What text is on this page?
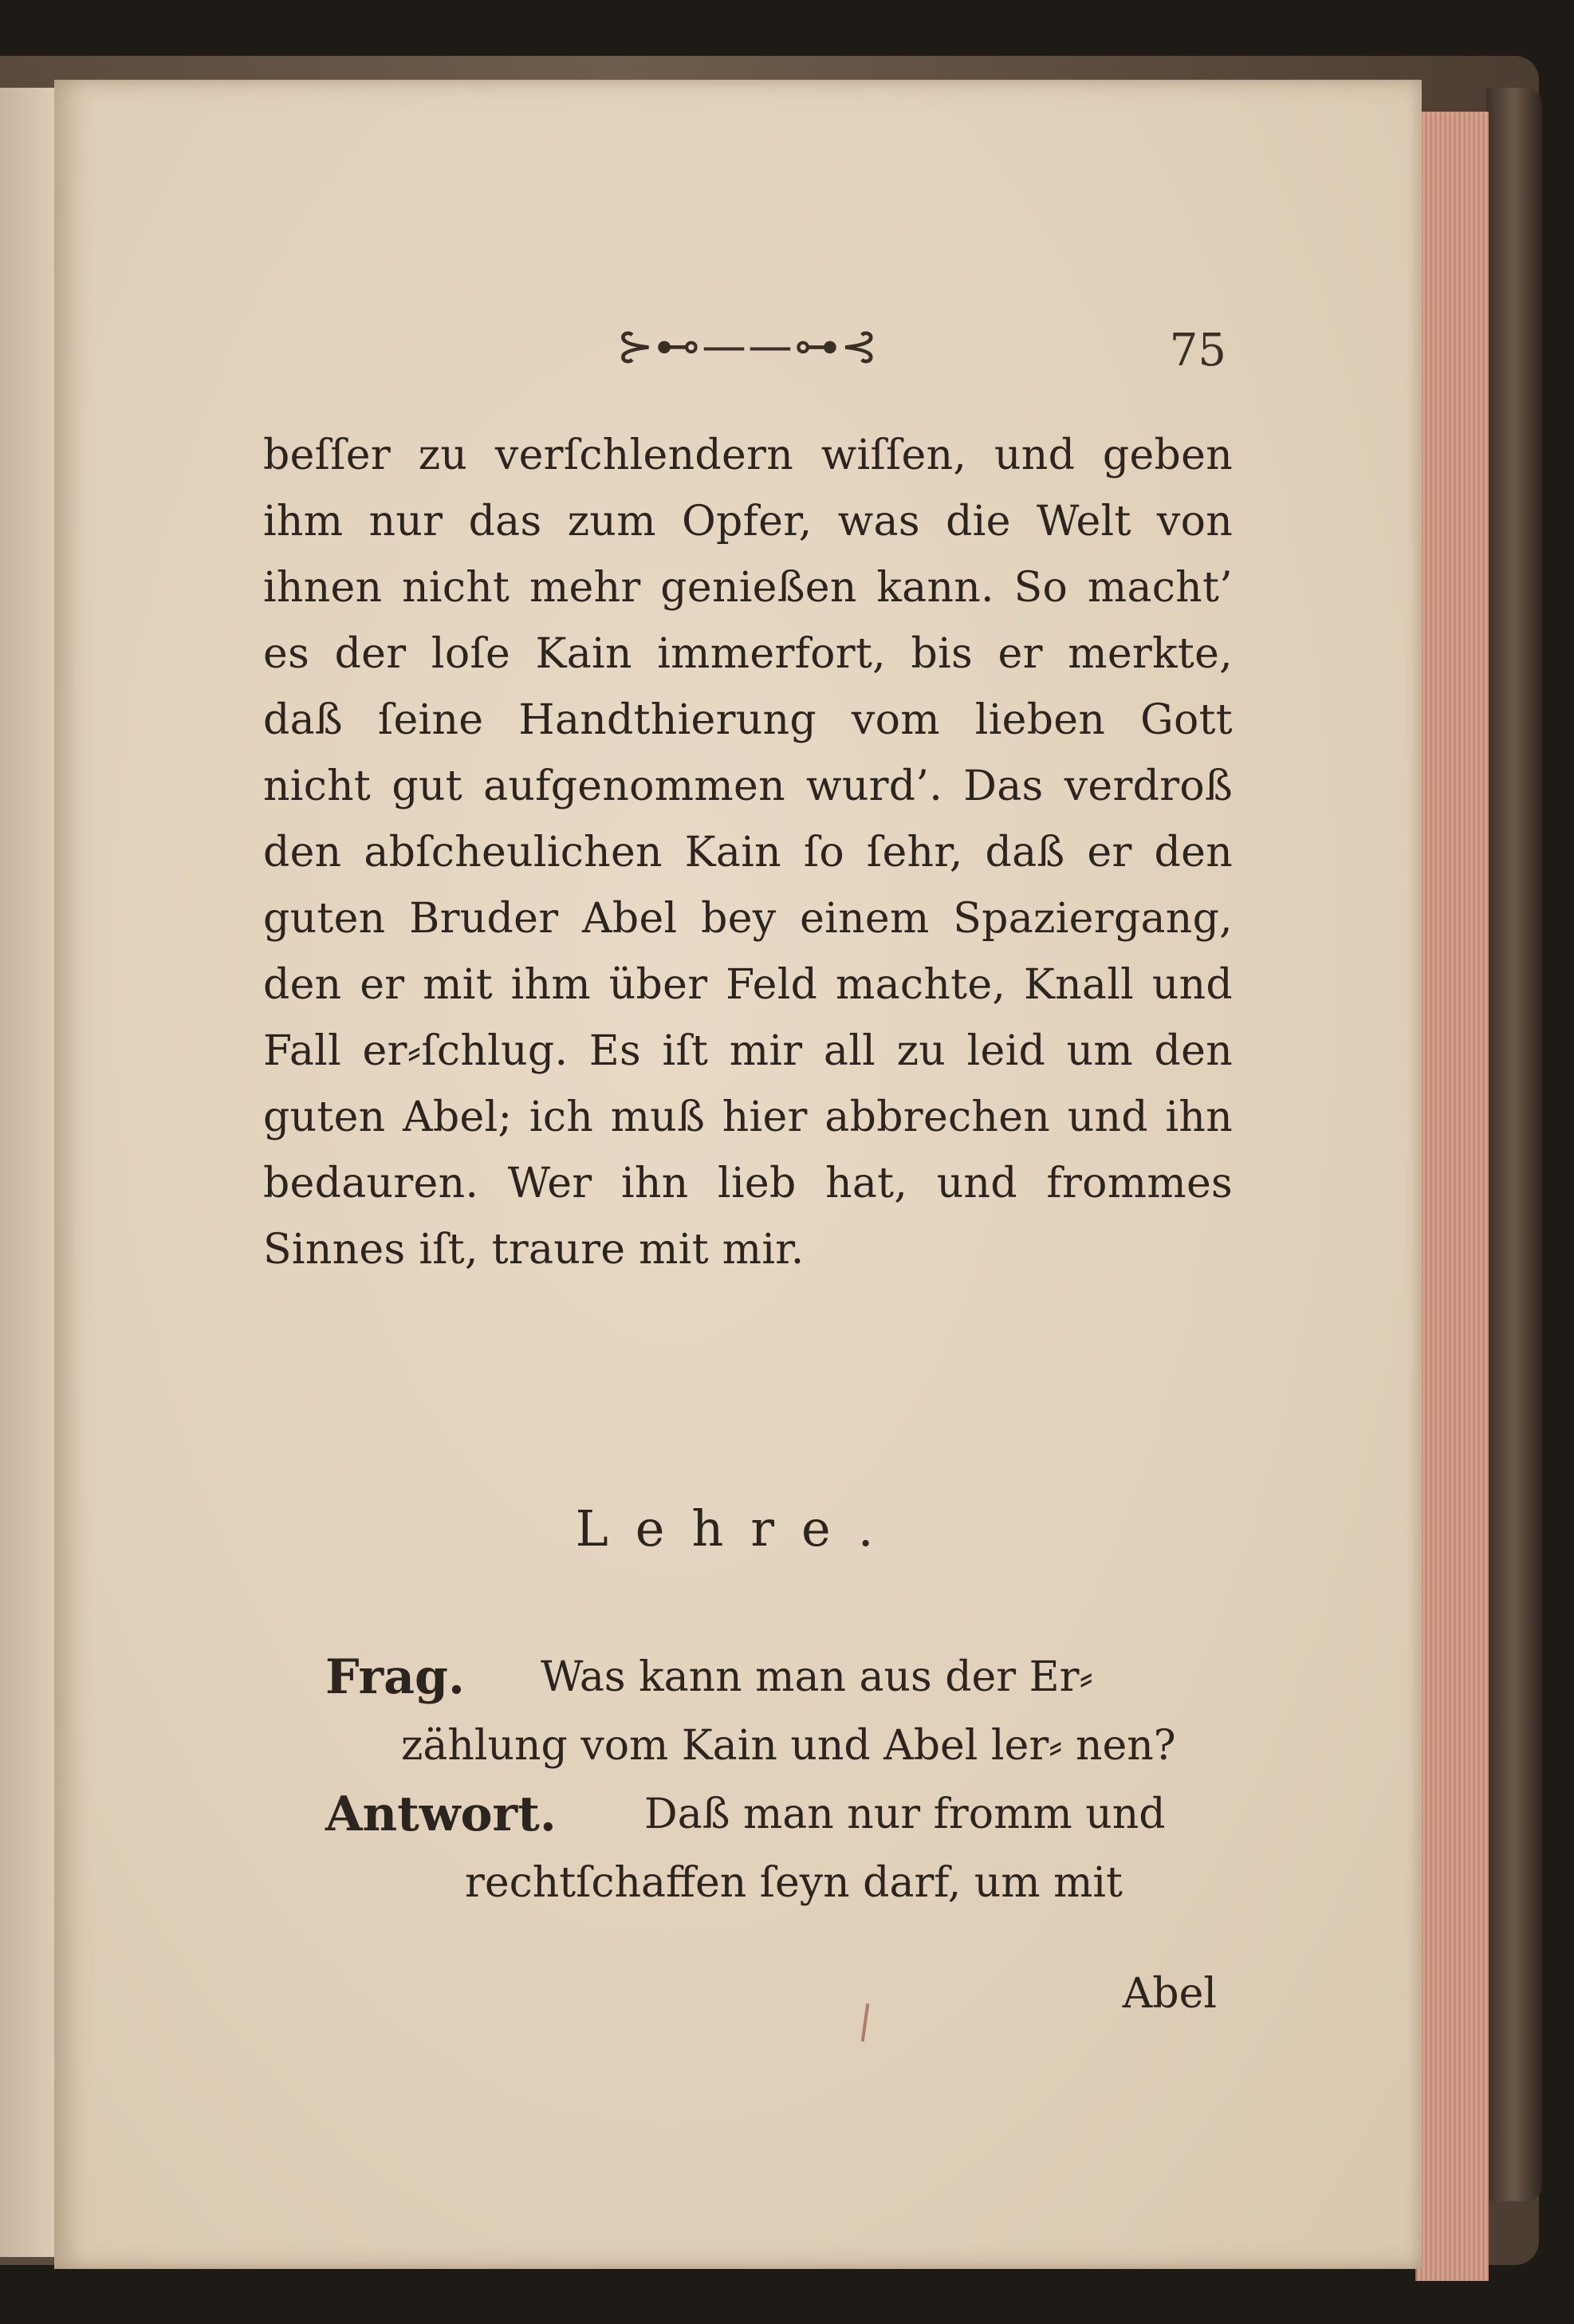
⊱⊷——⊶⊰	75
beſſer zu verſchlendern wiſſen, und geben ihm nur das zum Opfer, was die Welt von ihnen nicht mehr genießen kann. So macht’ es der loſe Kain immerfort, bis er merkte, daß ſeine Handthierung vom lieben Gott nicht gut aufgenommen wurd’. Das verdroß den abſcheulichen Kain ſo ſehr, daß er den guten Bruder Abel bey einem Spaziergang, den er mit ihm über Feld machte, Knall und Fall er⸗ſchlug. Es iſt mir all zu leid um den guten Abel; ich muß hier abbrechen und ihn bedauren. Wer ihn lieb hat, und frommes Sinnes iſt, traure mit mir.
Lehre.
Frag.	Was kann man aus der Er⸗
zählung vom Kain und Abel ler⸗ nen?
Antwort.	Daß man nur fromm und
rechtſchaffen ſeyn darf, um mit
Abel
